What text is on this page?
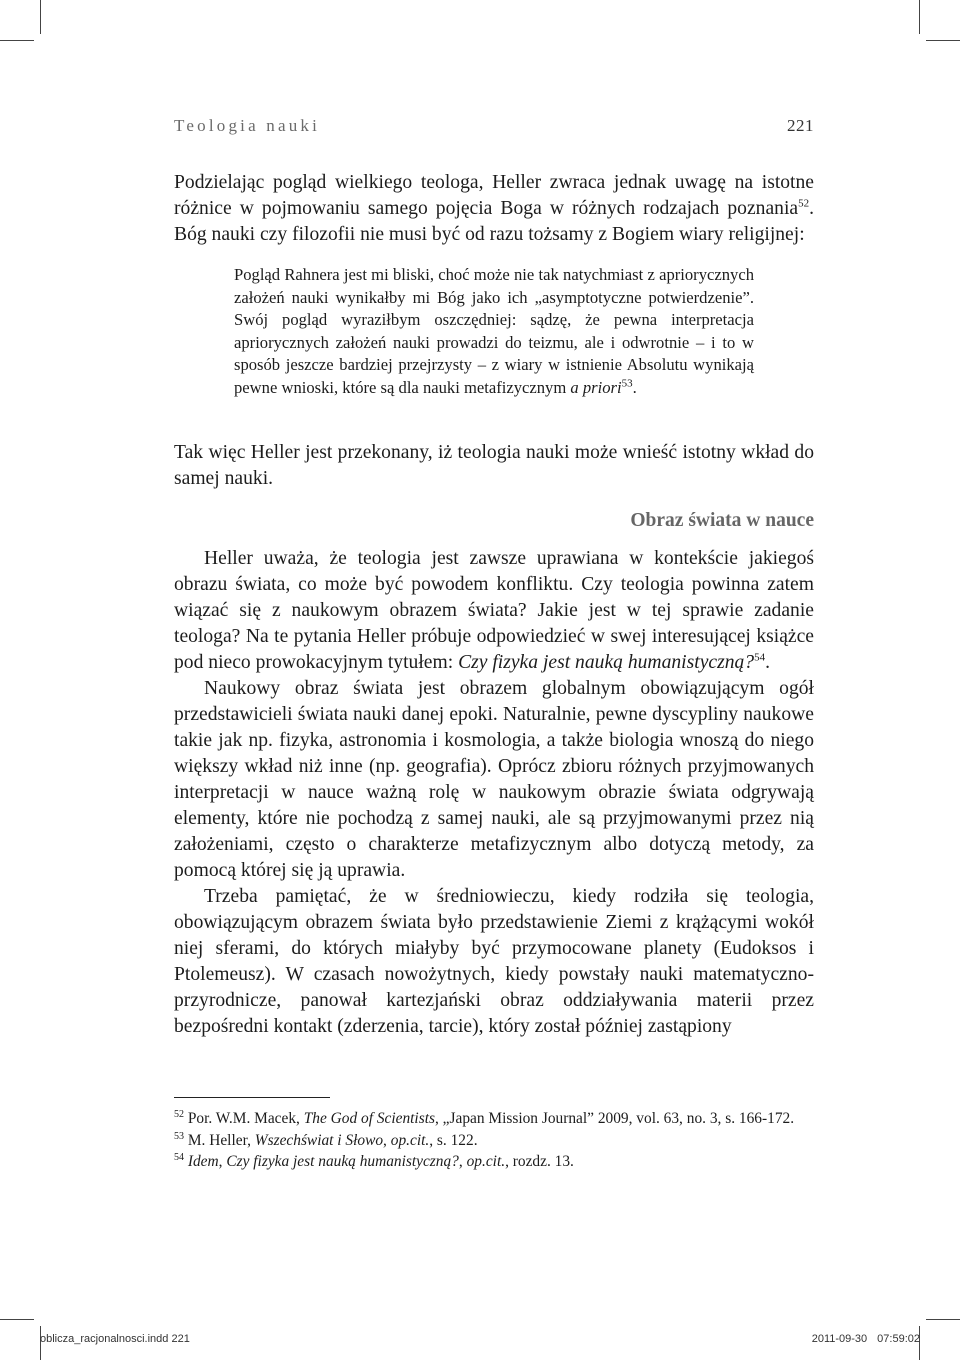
Teologia nauki	221

Podzielając pogląd wielkiego teologa, Heller zwraca jednak uwagę na istotne różnice w pojmowaniu samego pojęcia Boga w różnych rodzajach poznania$^{52}$. Bóg nauki czy filozofii nie musi być od razu tożsamy z Bogiem wiary religijnej:

Pogląd Rahnera jest mi bliski, choć może nie tak natychmiast z apriorycznych założeń nauki wynikałby mi Bóg jako ich „asymptotyczne potwierdzenie”. Swój pogląd wyraziłbym oszczędniej: sądzę, że pewna interpretacja apriorycznych założeń nauki prowadzi do teizmu, ale i odwrotnie – i to w sposób jeszcze bardziej przejrzysty – z wiary w istnienie Absolutu wynikają pewne wnioski, które są dla nauki metafizycznym a priori$^{53}$.

Tak więc Heller jest przekonany, iż teologia nauki może wnieść istotny wkład do samej nauki.

Obraz świata w nauce

Heller uważa, że teologia jest zawsze uprawiana w kontekście jakiegoś obrazu świata, co może być powodem konfliktu. Czy teologia powinna zatem wiązać się z naukowym obrazem świata? Jakie jest w tej sprawie zadanie teologa? Na te pytania Heller próbuje odpowiedzieć w swej interesującej książce pod nieco prowokacyjnym tytułem: Czy fizyka jest nauką humanistyczną?$^{54}$.

Naukowy obraz świata jest obrazem globalnym obowiązującym ogół przedstawicieli świata nauki danej epoki. Naturalnie, pewne dyscypliny naukowe takie jak np. fizyka, astronomia i kosmologia, a także biologia wnoszą do niego większy wkład niż inne (np. geografia). Oprócz zbioru różnych przyjmowanych interpretacji w nauce ważną rolę w naukowym obrazie świata odgrywają elementy, które nie pochodzą z samej nauki, ale są przyjmowanymi przez nią założeniami, często o charakterze metafizycznym albo dotyczą metody, za pomocą której się ją uprawia.

Trzeba pamiętać, że w średniowieczu, kiedy rodziła się teologia, obowiązującym obrazem świata było przedstawienie Ziemi z krążącymi wokół niej sferami, do których miałyby być przymocowane planety (Eudoksos i Ptolemeusz). W czasach nowożytnych, kiedy powstały nauki matematyczno-przyrodnicze, panował kartezjański obraz oddziaływania materii przez bezpośredni kontakt (zderzenia, tarcie), który został później zastąpiony

$^{52}$ Por. W.M. Macek, The God of Scientists, „Japan Mission Journal” 2009, vol. 63, no. 3, s. 166-172.

$^{53}$ M. Heller, Wszechświat i Słowo, op.cit., s. 122.

$^{54}$ Idem, Czy fizyka jest nauką humanistyczną?, op.cit., rozdz. 13.

oblicza_racjonalnosci.indd 221	2011-09-30 07:59:02
